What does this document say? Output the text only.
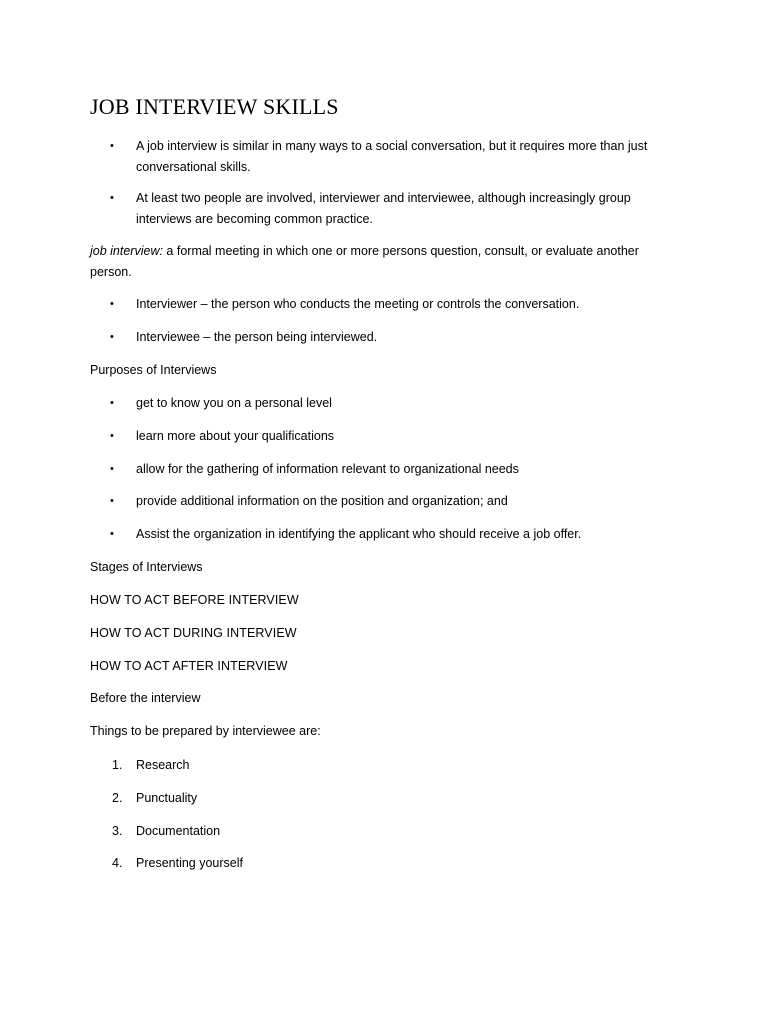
JOB INTERVIEW SKILLS
•	A job interview is similar in many ways to a social conversation, but it requires more than just conversational skills.
•	At least two people are involved, interviewer and interviewee, although increasingly group interviews are becoming common practice.
job interview: a formal meeting in which one or more persons question, consult, or evaluate another person.
•	Interviewer – the person who conducts the meeting or controls the conversation.
•	Interviewee – the person being interviewed.
Purposes of Interviews
•	get to know you on a personal level
•	learn more about your qualifications
•	allow for the gathering of information relevant to organizational needs
•	provide additional information on the position and organization; and
•	Assist the organization in identifying the applicant who should receive a job offer.
Stages of Interviews
HOW TO ACT BEFORE INTERVIEW
HOW TO ACT DURING INTERVIEW
HOW TO ACT AFTER INTERVIEW
Before the interview
Things to be prepared by interviewee are:
1.	Research
2.	Punctuality
3.	Documentation
4.	Presenting yourself
